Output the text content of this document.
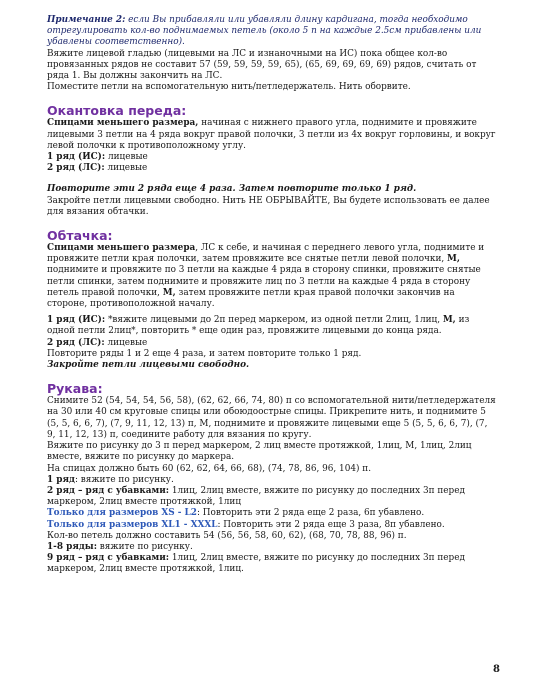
Примечание 2: если Вы прибавляли или убавляли длину кардигана, тогда необходимо отрегулировать кол-во поднимаемых петель (около 5 п на каждые 2.5см прибавлены или убавлены соответственно).

Вяжите лицевой гладью (лицевыми на ЛС и изнаночными на ИС) пока общее кол-во провязанных рядов не составит 57 (59, 59, 59, 59, 65), (65, 69, 69, 69, 69) рядов, считать от ряда 1. Вы должны закончить на ЛС.

Поместите петли на вспомогательную нить/петледержатель. Нить оборвите.

Окантовка переда:

Спицами меньшего размера, начиная с нижнего правого угла, поднимите и провяжите лицевыми 3 петли на 4 ряда вокруг правой полочки, 3 петли из 4х вокруг горловины, и вокруг левой полочки к противоположному углу.

1 ряд (ИС): лицевые

2 ряд (ЛС): лицевые

Повторите эти 2 ряда еще 4 раза. Затем повторите только 1 ряд.

Закройте петли лицевыми свободно. Нить НЕ ОБРЫВАЙТЕ, Вы будете использовать ее далее для вязания обтачки.

Обтачка:

Спицами меньшего размера, ЛС к себе, и начиная с переднего левого угла, поднимите и провяжите петли края полочки, затем провяжите все снятые петли левой полочки, М, поднимите и провяжите по 3 петли на каждые 4 ряда в сторону спинки, провяжите снятые петли спинки, затем поднимите и провяжите лиц по 3 петли на каждые 4 ряда в сторону петель правой полочки, М, затем провяжите петли края правой полочки закончив на стороне, противоположной началу.

1 ряд (ИС): *вяжите лицевыми до 2п перед маркером, из одной петли 2лиц, 1лиц, М, из одной петли 2лиц*, повторить * еще один раз, провяжите лицевыми до конца ряда.

2 ряд (ЛС): лицевые

Повторите ряды 1 и 2 еще 4 раза, и затем повторите только 1 ряд.

Закройте петли лицевыми свободно.

Рукава:

Снимите 52 (54, 54, 54, 56, 58), (62, 62, 66, 74, 80) п со вспомогательной нити/петледержателя на 30 или 40 см круговые спицы или обоюдоострые спицы. Прикрепите нить, и поднимите 5 (5, 5, 6, 6, 7), (7, 9, 11, 12, 13) п, М, поднимите и провяжите лицевыми еще 5 (5, 5, 6, 6, 7), (7, 9, 11, 12, 13) п, соедините работу для вязания по кругу.

Вяжите по рисунку до 3 п перед маркером, 2 лиц вместе протяжкой, 1лиц, М, 1лиц, 2лиц вместе, вяжите по рисунку до маркера.

На спицах должно быть 60 (62, 62, 64, 66, 68), (74, 78, 86, 96, 104) п.

1 ряд: вяжите по рисунку.

2 ряд – ряд с убавками: 1лиц, 2лиц вместе, вяжите по рисунку до последних 3п перед маркером, 2лиц вместе протяжкой, 1лиц

Только для размеров XS - L2: Повторить эти 2 ряда еще 2 раза, 6п убавлено.

Только для размеров XL1 - XXXL: Повторить эти 2 ряда еще 3 раза, 8п убавлено.

Кол-во петель должно составить 54 (56, 56, 58, 60, 62), (68, 70, 78, 88, 96) п.

1-8 ряды: вяжите по рисунку.

9 ряд – ряд с убавками: 1лиц, 2лиц вместе, вяжите по рисунку до последних 3п перед маркером, 2лиц вместе протяжкой, 1лиц.

8
